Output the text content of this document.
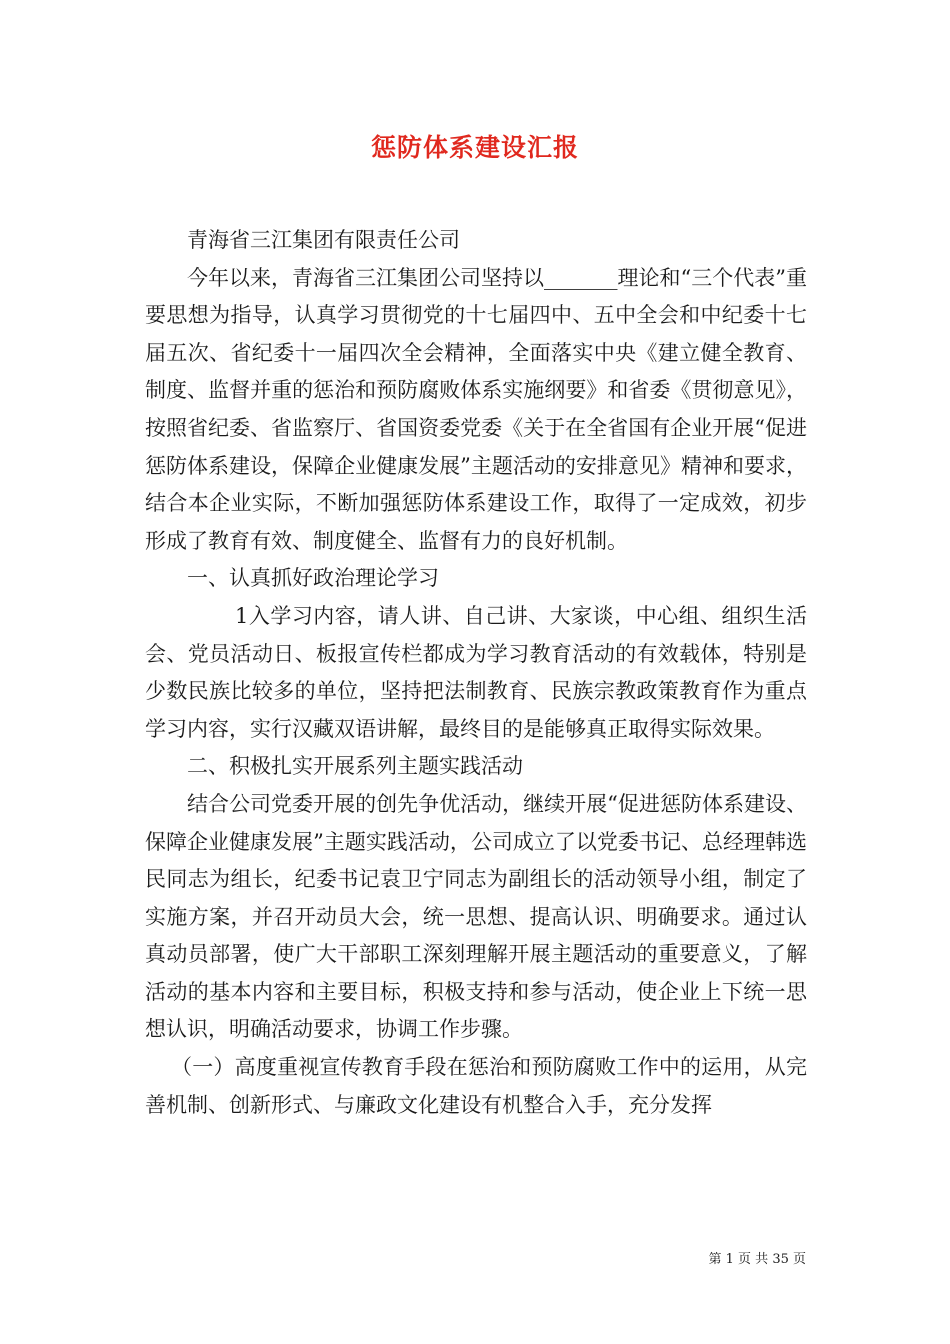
惩防体系建设汇报

青海省三江集团有限责任公司

今年以来，青海省三江集团公司坚持以_______理论和“三个代表”重要思想为指导，认真学习贯彻党的十七届四中、五中全会和中纪委十七届五次、省纪委十一届四次全会精神，全面落实中央《建立健全教育、制度、监督并重的惩治和预防腐败体系实施纲要》和省委《贯彻意见》，按照省纪委、省监察厅、省国资委党委《关于在全省国有企业开展“促进惩防体系建设，保障企业健康发展”主题活动的安排意见》精神和要求，结合本企业实际，不断加强惩防体系建设工作，取得了一定成效，初步形成了教育有效、制度健全、监督有力的良好机制。

一、认真抓好政治理论学习

1入学习内容，请人讲、自己讲、大家谈，中心组、组织生活会、党员活动日、板报宣传栏都成为学习教育活动的有效载体，特别是少数民族比较多的单位，坚持把法制教育、民族宗教政策教育作为重点学习内容，实行汉藏双语讲解，最终目的是能够真正取得实际效果。

二、积极扎实开展系列主题实践活动

结合公司党委开展的创先争优活动，继续开展“促进惩防体系建设、保障企业健康发展”主题实践活动，公司成立了以党委书记、总经理韩选民同志为组长，纪委书记袁卫宁同志为副组长的活动领导小组，制定了实施方案，并召开动员大会，统一思想、提高认识、明确要求。通过认真动员部署，使广大干部职工深刻理解开展主题活动的重要意义，了解活动的基本内容和主要目标，积极支持和参与活动，使企业上下统一思想认识，明确活动要求，协调工作步骤。

（一）高度重视宣传教育手段在惩治和预防腐败工作中的运用，从完善机制、创新形式、与廉政文化建设有机整合入手，充分发挥

第 1 页 共 35 页
